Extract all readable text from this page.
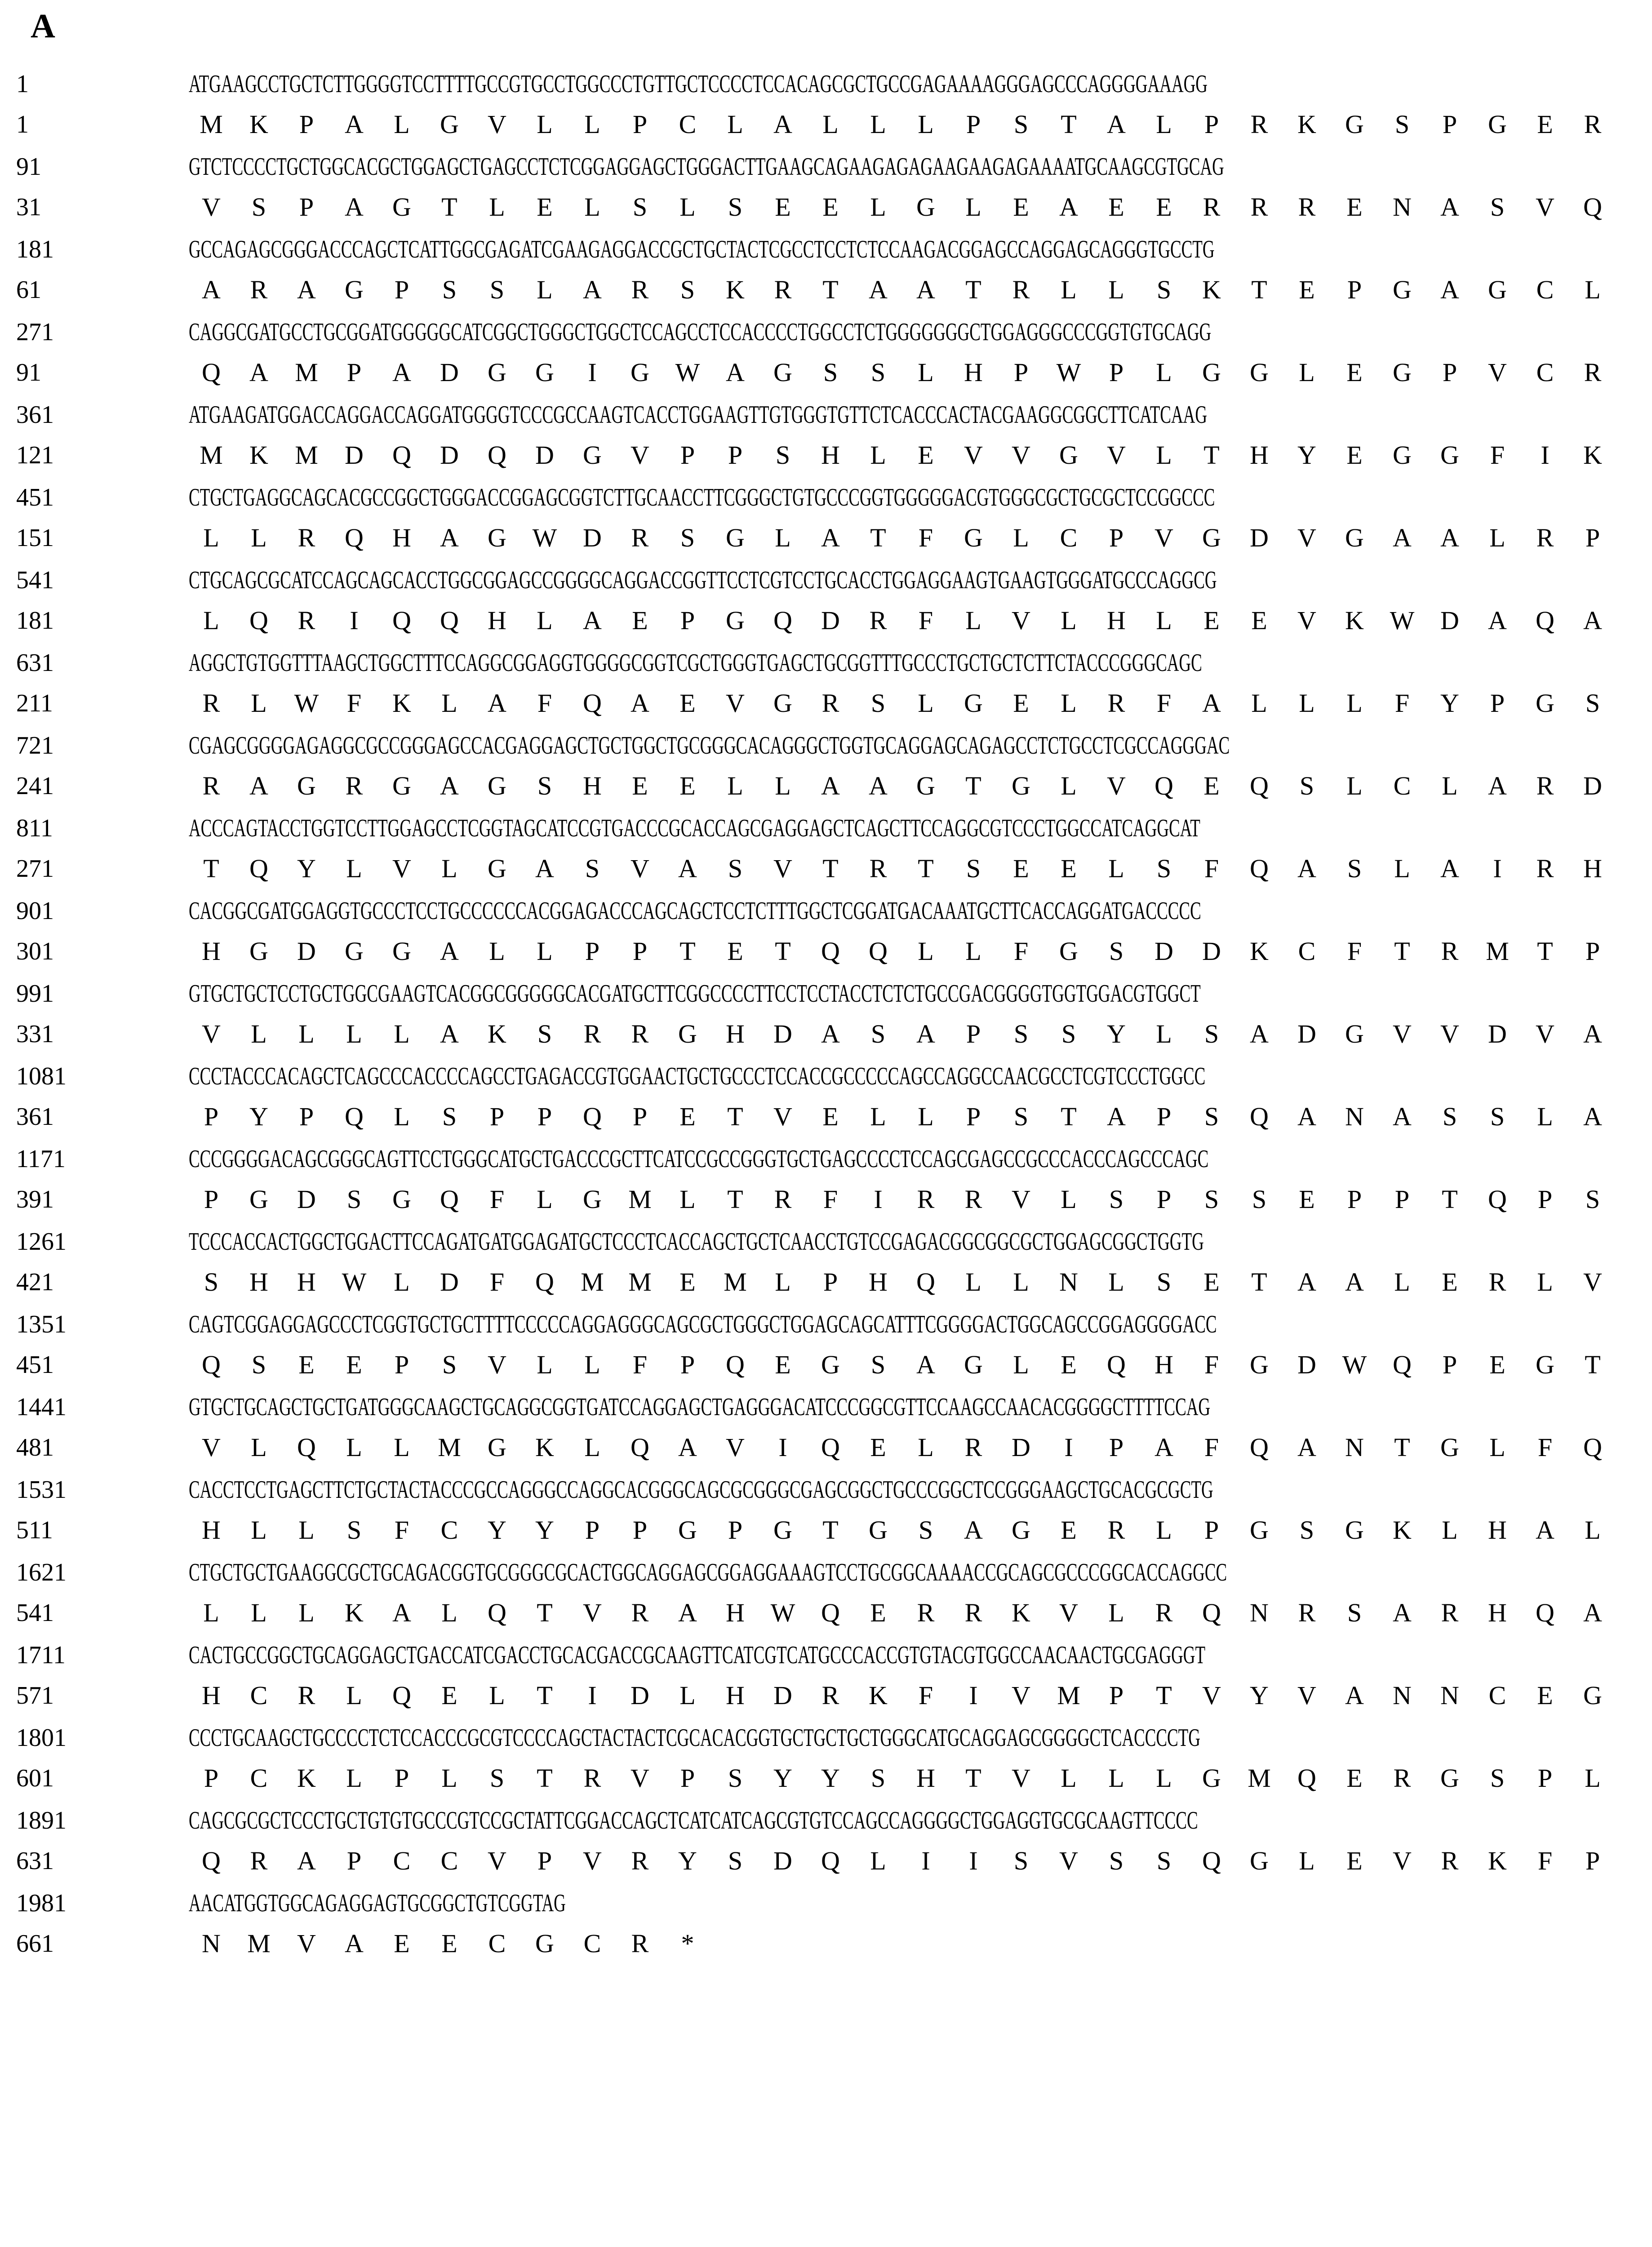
A
1	ATGAAGCCTGCTCTTGGGGTCCTTTTGCCGTGCCTGGCCCTGTTGCTCCCCTCCACAGCGCTGCCGAGAAAAGGGAGCCCAGGGGAAAGG
1	M	K	P	A	L	G	V	L	L	P	C	L	A	L	L	L	P	S	T	A	L	P	R	K	G	S	P	G	E	R
91	GTCTCCCCTGCTGGCACGCTGGAGCTGAGCCTCTCGGAGGAGCTGGGACTTGAAGCAGAAGAGAGAAGAAGAGAAAATGCAAGCGTGCAG
31	V	S	P	A	G	T	L	E	L	S	L	S	E	E	L	G	L	E	A	E	E	R	R	R	E	N	A	S	V	Q
181	GCCAGAGCGGGACCCAGCTCATTGGCGAGATCGAAGAGGACCGCTGCTACTCGCCTCCTCTCCAAGACGGAGCCAGGAGCAGGGTGCCTG
61	A	R	A	G	P	S	S	L	A	R	S	K	R	T	A	A	T	R	L	L	S	K	T	E	P	G	A	G	C	L
271	CAGGCGATGCCTGCGGATGGGGGCATCGGCTGGGCTGGCTCCAGCCTCCACCCCTGGCCTCTGGGGGGGCTGGAGGGCCCGGTGTGCAGG
91	Q	A	M	P	A	D	G	G	I	G W A	G	S	S	L	H	P	W	P	L	G	G	L	E	G	P	V	C	R
361	ATGAAGATGGACCAGGACCAGGATGGGGTCCCGCCAAGTCACCTGGAAGTTGTGGGTGTTCTCACCCACTACGAAGGCGGCTTCATCAAG
121	M	K	M	D	Q	D	Q	D	G	V	P	P	S	H	L	E	V	V	G	V	L	T	H	Y	E	G	G	F	I	K
451	CTGCTGAGGCAGCACGCCGGCTGGGACCGGAGCGGTCTTGCAACCTTCGGGCTGTGCCCGGTGGGGGACGTGGGCGCTGCGCTCCGGCCC
151	L	L	R	Q	H	A	G W D	R	S	G	L	A	T	F	G	L	C	P	V	G	D	V	G	A	A	L	R	P
541	CTGCAGCGCATCCAGCAGCACCTGGCGGAGCCGGGGCAGGACCGGTTCCTCGTCCTGCACCTGGAGGAAGTGAAGTGGGATGCCCAGGCG
181	L	Q	R	I	Q	Q	H	L	A	E	P	G	Q	D	R	F	L	V	L	H	L	E	E	V	K W D	A	Q	A
631	AGGCTGTGGTTTAAGCTGGCTTTCCAGGCGGAGGTGGGGCGGTCGCTGGGTGAGCTGCGGTTTGCCCTGCTGCTCTTCTACCCGGGCAGC
211	R	L	W	F	K	L	A	F	Q	A	E	V	G	R	S	L	G	E	L	R	F	A	L	L	L	F	Y	P	G	S
721	CGAGCGGGGAGAGGCGCCGGGAGCCACGAGGAGCTGCTGGCTGCGGGCACAGGGCTGGTGCAGGAGCAGAGCCTCTGCCTCGCCAGGGAC
241	R	A	G	R	G	A	G	S	H	E	E	L	L	A	A	G	T	G	L	V	Q	E	Q	S	L	C	L	A	R	D
811	ACCCAGTACCTGGTCCTTGGAGCCTCGGTAGCATCCGTGACCCGCACCAGCGAGGAGCTCAGCTTCCAGGCGTCCCTGGCCATCAGGCAT
271	T	Q	Y	L	V	L	G	A	S	V	A	S	V	T	R	T	S	E	E	L	S	F	Q	A	S	L	A	I	R	H
901	CACGGCGATGGAGGTGCCCTCCTGCCCCCCACGGAGACCCAGCAGCTCCTCTTTGGCTCGGATGACAAATGCTTCACCAGGATGACCCCC
301	H	G	D	G	G	A	L	L	P	P	T	E	T	Q	Q	L	L	F	G	S	D	D	K	C	F	T	R	M	T	P
991	GTGCTGCTCCTGCTGGCGAAGTCACGGCGGGGGCACGATGCTTCGGCCCCTTCCTCCTACCTCTCTGCCGACGGGGTGGTGGACGTGGCT
331	V	L	L	L	L	A	K	S	R	R	G	H	D	A	S	A	P	S	S	Y	L	S	A	D	G	V	V	D	V	A
1081	CCCTACCCACAGCTCAGCCCACCCCAGCCTGAGACCGTGGAACTGCTGCCCTCCACCGCCCCCAGCCAGGCCAACGCCTCGTCCCTGGCC
361	P	Y	P	Q	L	S	P	P	Q	P	E	T	V	E	L	L	P	S	T	A	P	S	Q	A	N	A	S	S	L	A
1171	CCCGGGGACAGCGGGCAGTTCCTGGGCATGCTGACCCGCTTCATCCGCCGGGTGCTGAGCCCCTCCAGCGAGCCGCCCACCCAGCCCAGC
391	P	G	D	S	G	Q	F	L	G	M	L	T	R	F	I	R	R	V	L	S	P	S	S	E	P	P	T	Q	P	S
1261	TCCCACCACTGGCTGGACTTCCAGATGATGGAGATGCTCCCTCACCAGCTGCTCAACCTGTCCGAGACGGCGGCGCTGGAGCGGCTGGTG
421	S	H	H W	L	D	F	Q	M M	E	M	L	P	H	Q	L	L	N	L	S	E	T	A	A	L	E	R	L	V
1351	CAGTCGGAGGAGCCCTCGGTGCTGCTTTTCCCCCAGGAGGGCAGCGCTGGGCTGGAGCAGCATTTCGGGGACTGGCAGCCGGAGGGGACC
451	Q	S	E	E	P	S	V	L	L	F	P	Q	E	G	S	A	G	L	E	Q	H	F	G	D W Q	P	E	G	T
1441	GTGCTGCAGCTGCTGATGGGCAAGCTGCAGGCGGTGATCCAGGAGCTGAGGGACATCCCGGCGTTCCAAGCCAACACGGGGCTTTTCCAG
481	V	L	Q	L	L	M	G	K	L	Q	A	V	I	Q	E	L	R	D	I	P	A	F	Q	A	N	T	G	L	F	Q
1531	CACCTCCTGAGCTTCTGCTACTACCCGCCAGGGCCAGGCACGGGCAGCGCGGGCGAGCGGCTGCCCGGCTCCGGGAAGCTGCACGCGCTG
511	H	L	L	S	F	C	Y	Y	P	P	G	P	G	T	G	S	A	G	E	R	L	P	G	S	G	K	L	H	A	L
1621	CTGCTGCTGAAGGCGCTGCAGACGGTGCGGGCGCACTGGCAGGAGCGGAGGAAAGTCCTGCGGCAAAACCGCAGCGCCCGGCACCAGGCC
541	L	L	L	K	A	L	Q	T	V	R	A	H W Q	E	R	R	K	V	L	R	Q	N	R	S	A	R	H	Q	A
1711	CACTGCCGGCTGCAGGAGCTGACCATCGACCTGCACGACCGCAAGTTCATCGTCATGCCCACCGTGTACGTGGCCAACAACTGCGAGGGT
571	H	C	R	L	Q	E	L	T	I	D	L	H	D	R	K	F	I	V	M	P	T	V	Y	V	A	N	N	C	E	G
1801	CCCTGCAAGCTGCCCCTCTCCACCCGCGTCCCCAGCTACTACTCGCACACGGTGCTGCTGCTGGGCATGCAGGAGCGGGGCTCACCCCTG
601	P	C	K	L	P	L	S	T	R	V	P	S	Y	Y	S	H	T	V	L	L	L	G	M	Q	E	R	G	S	P	L
1891	CAGCGCGCTCCCTGCTGTGTGCCCGTCCGCTATTCGGACCAGCTCATCATCAGCGTGTCCAGCCAGGGGCTGGAGGTGCGCAAGTTCCCC
631	Q	R	A	P	C	C	V	P	V	R	Y	S	D	Q	L	I	I	S	V	S	S	Q	G	L	E	V	R	K	F	P
1981	AACATGGTGGCAGAGGAGTGCGGCTGTCGGTAG
661	N	M	V	A	E	E	C	G	C	R	*
